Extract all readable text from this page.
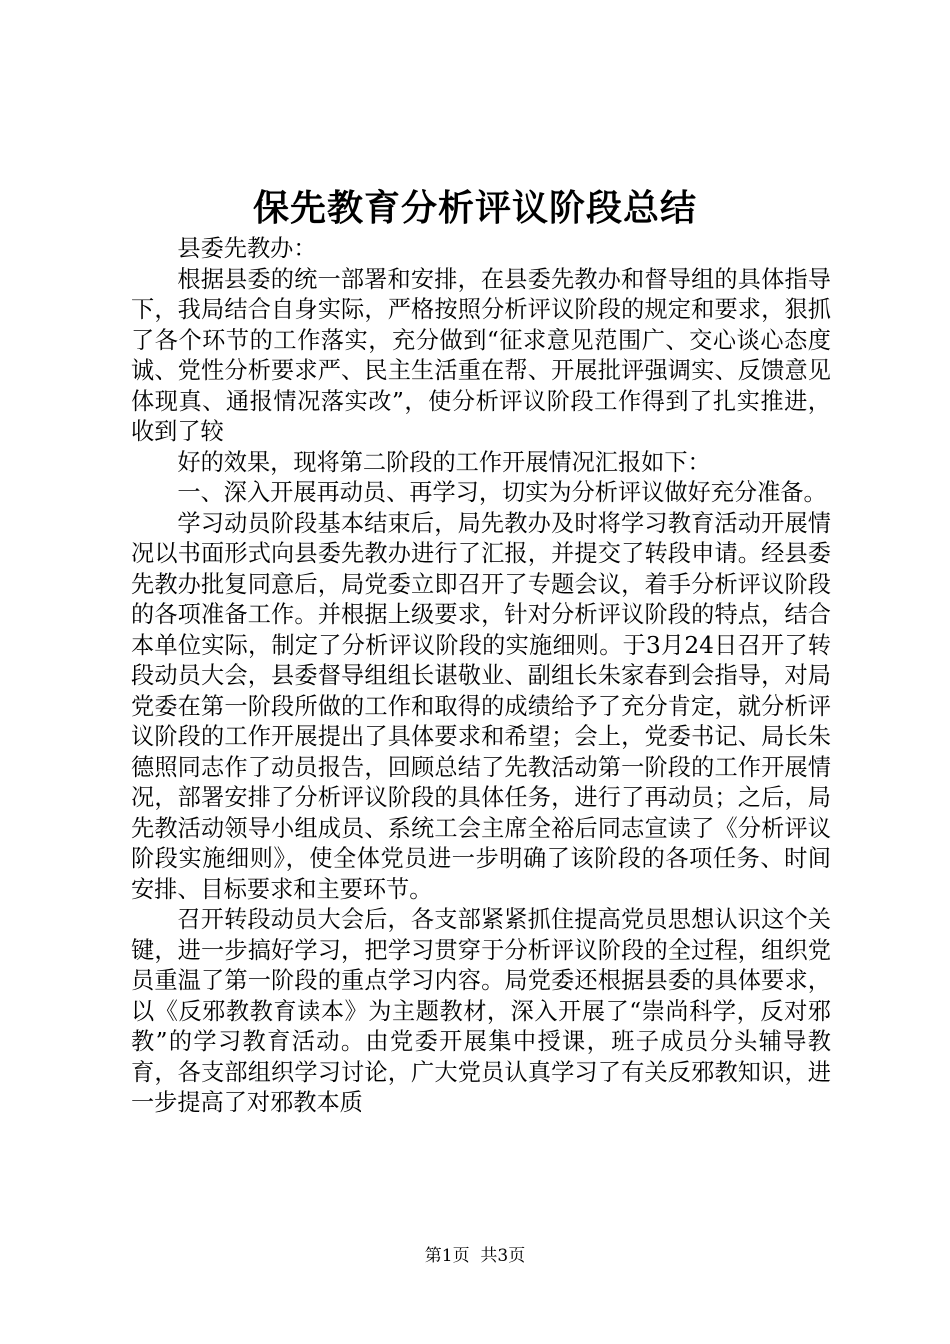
保先教育分析评议阶段总结

县委先教办：

根据县委的统一部署和安排，在县委先教办和督导组的具体指导下，我局结合自身实际，严格按照分析评议阶段的规定和要求，狠抓了各个环节的工作落实，充分做到“征求意见范围广、交心谈心态度诚、党性分析要求严、民主生活重在帮、开展批评强调实、反馈意见体现真、通报情况落实改”，使分析评议阶段工作得到了扎实推进，收到了较

好的效果，现将第二阶段的工作开展情况汇报如下：

一、深入开展再动员、再学习，切实为分析评议做好充分准备。

学习动员阶段基本结束后，局先教办及时将学习教育活动开展情况以书面形式向县委先教办进行了汇报，并提交了转段申请。经县委先教办批复同意后，局党委立即召开了专题会议，着手分析评议阶段的各项准备工作。并根据上级要求，针对分析评议阶段的特点，结合本单位实际，制定了分析评议阶段的实施细则。于3月24日召开了转段动员大会，县委督导组组长谌敬业、副组长朱家春到会指导，对局党委在第一阶段所做的工作和取得的成绩给予了充分肯定，就分析评议阶段的工作开展提出了具体要求和希望；会上，党委书记、局长朱德照同志作了动员报告，回顾总结了先教活动第一阶段的工作开展情况，部署安排了分析评议阶段的具体任务，进行了再动员；之后，局先教活动领导小组成员、系统工会主席全裕后同志宣读了《分析评议阶段实施细则》，使全体党员进一步明确了该阶段的各项任务、时间安排、目标要求和主要环节。

召开转段动员大会后，各支部紧紧抓住提高党员思想认识这个关键，进一步搞好学习，把学习贯穿于分析评议阶段的全过程，组织党员重温了第一阶段的重点学习内容。局党委还根据县委的具体要求，以《反邪教教育读本》为主题教材，深入开展了“崇尚科学，反对邪教”的学习教育活动。由党委开展集中授课，班子成员分头辅导教育，各支部组织学习讨论，广大党员认真学习了有关反邪教知识，进一步提高了对邪教本质

第1页 共3页
